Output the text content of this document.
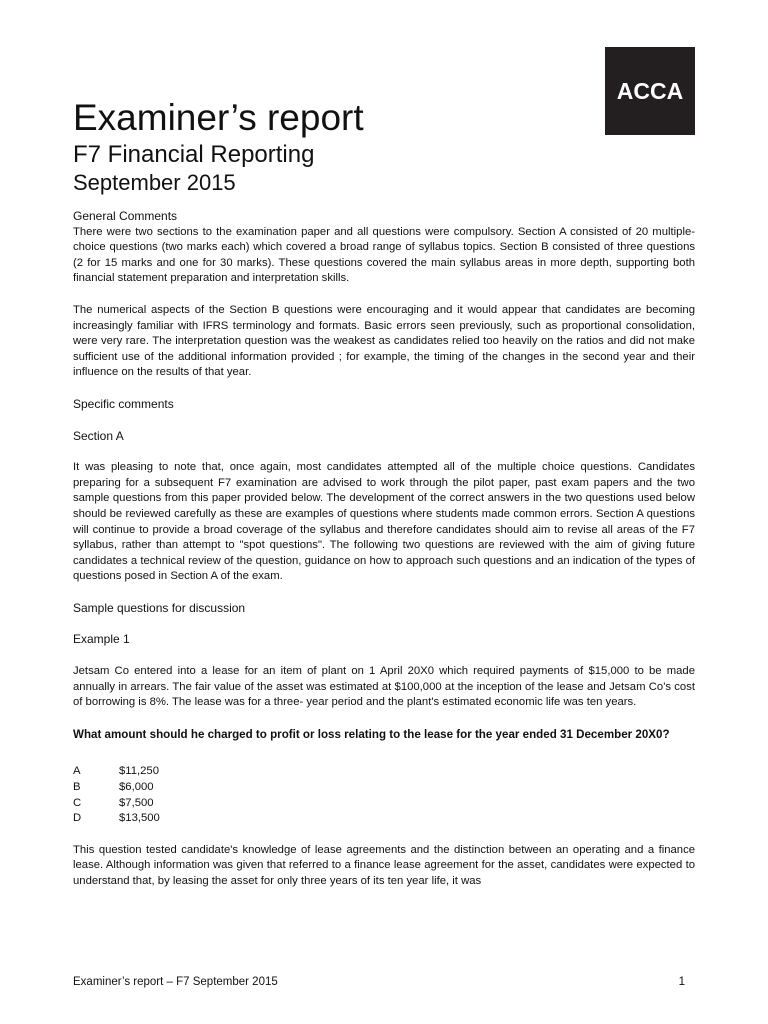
ACCA
Examiner’s report
F7 Financial Reporting
September 2015
General Comments

There were two sections to the examination paper and all questions were compulsory. Section A consisted of 20 multiple-choice questions (two marks each) which covered a broad range of syllabus topics. Section B consisted of three questions (2 for 15 marks and one for 30 marks). These questions covered the main syllabus areas in more depth, supporting both financial statement preparation and interpretation skills.

The numerical aspects of the Section B questions were encouraging and it would appear that candidates are becoming increasingly familiar with IFRS terminology and formats. Basic errors seen previously, such as proportional consolidation, were very rare. The interpretation question was the weakest as candidates relied too heavily on the ratios and did not make sufficient use of the additional information provided ; for example, the timing of the changes in the second year and their influence on the results of that year.

Specific comments
Section A

It was pleasing to note that, once again, most candidates attempted all of the multiple choice questions. Candidates preparing for a subsequent F7 examination are advised to work through the pilot paper, past exam papers and the two sample questions from this paper provided below. The development of the correct answers in the two questions used below should be reviewed carefully as these are examples of questions where students made common errors. Section A questions will continue to provide a broad coverage of the syllabus and therefore candidates should aim to revise all areas of the F7 syllabus, rather than attempt to "spot questions". The following two questions are reviewed with the aim of giving future candidates a technical review of the question, guidance on how to approach such questions and an indication of the types of questions posed in Section A of the exam.

Sample questions for discussion
Example 1

Jetsam Co entered into a lease for an item of plant on 1 April 20X0 which required payments of $15,000 to be made annually in arrears. The fair value of the asset was estimated at $100,000 at the inception of the lease and Jetsam Co's cost of borrowing is 8%. The lease was for a three- year period and the plant's estimated economic life was ten years.

What amount should he charged to profit or loss relating to the lease for the year ended 31 December 20X0?

A	$11,250
B	$6,000
C	$7,500
D	$13,500

This question tested candidate's knowledge of lease agreements and the distinction between an operating and a finance lease. Although information was given that referred to a finance lease agreement for the asset, candidates were expected to understand that, by leasing the asset for only three years of its ten year life, it was

Examiner’s report – F7 September 2015	1
